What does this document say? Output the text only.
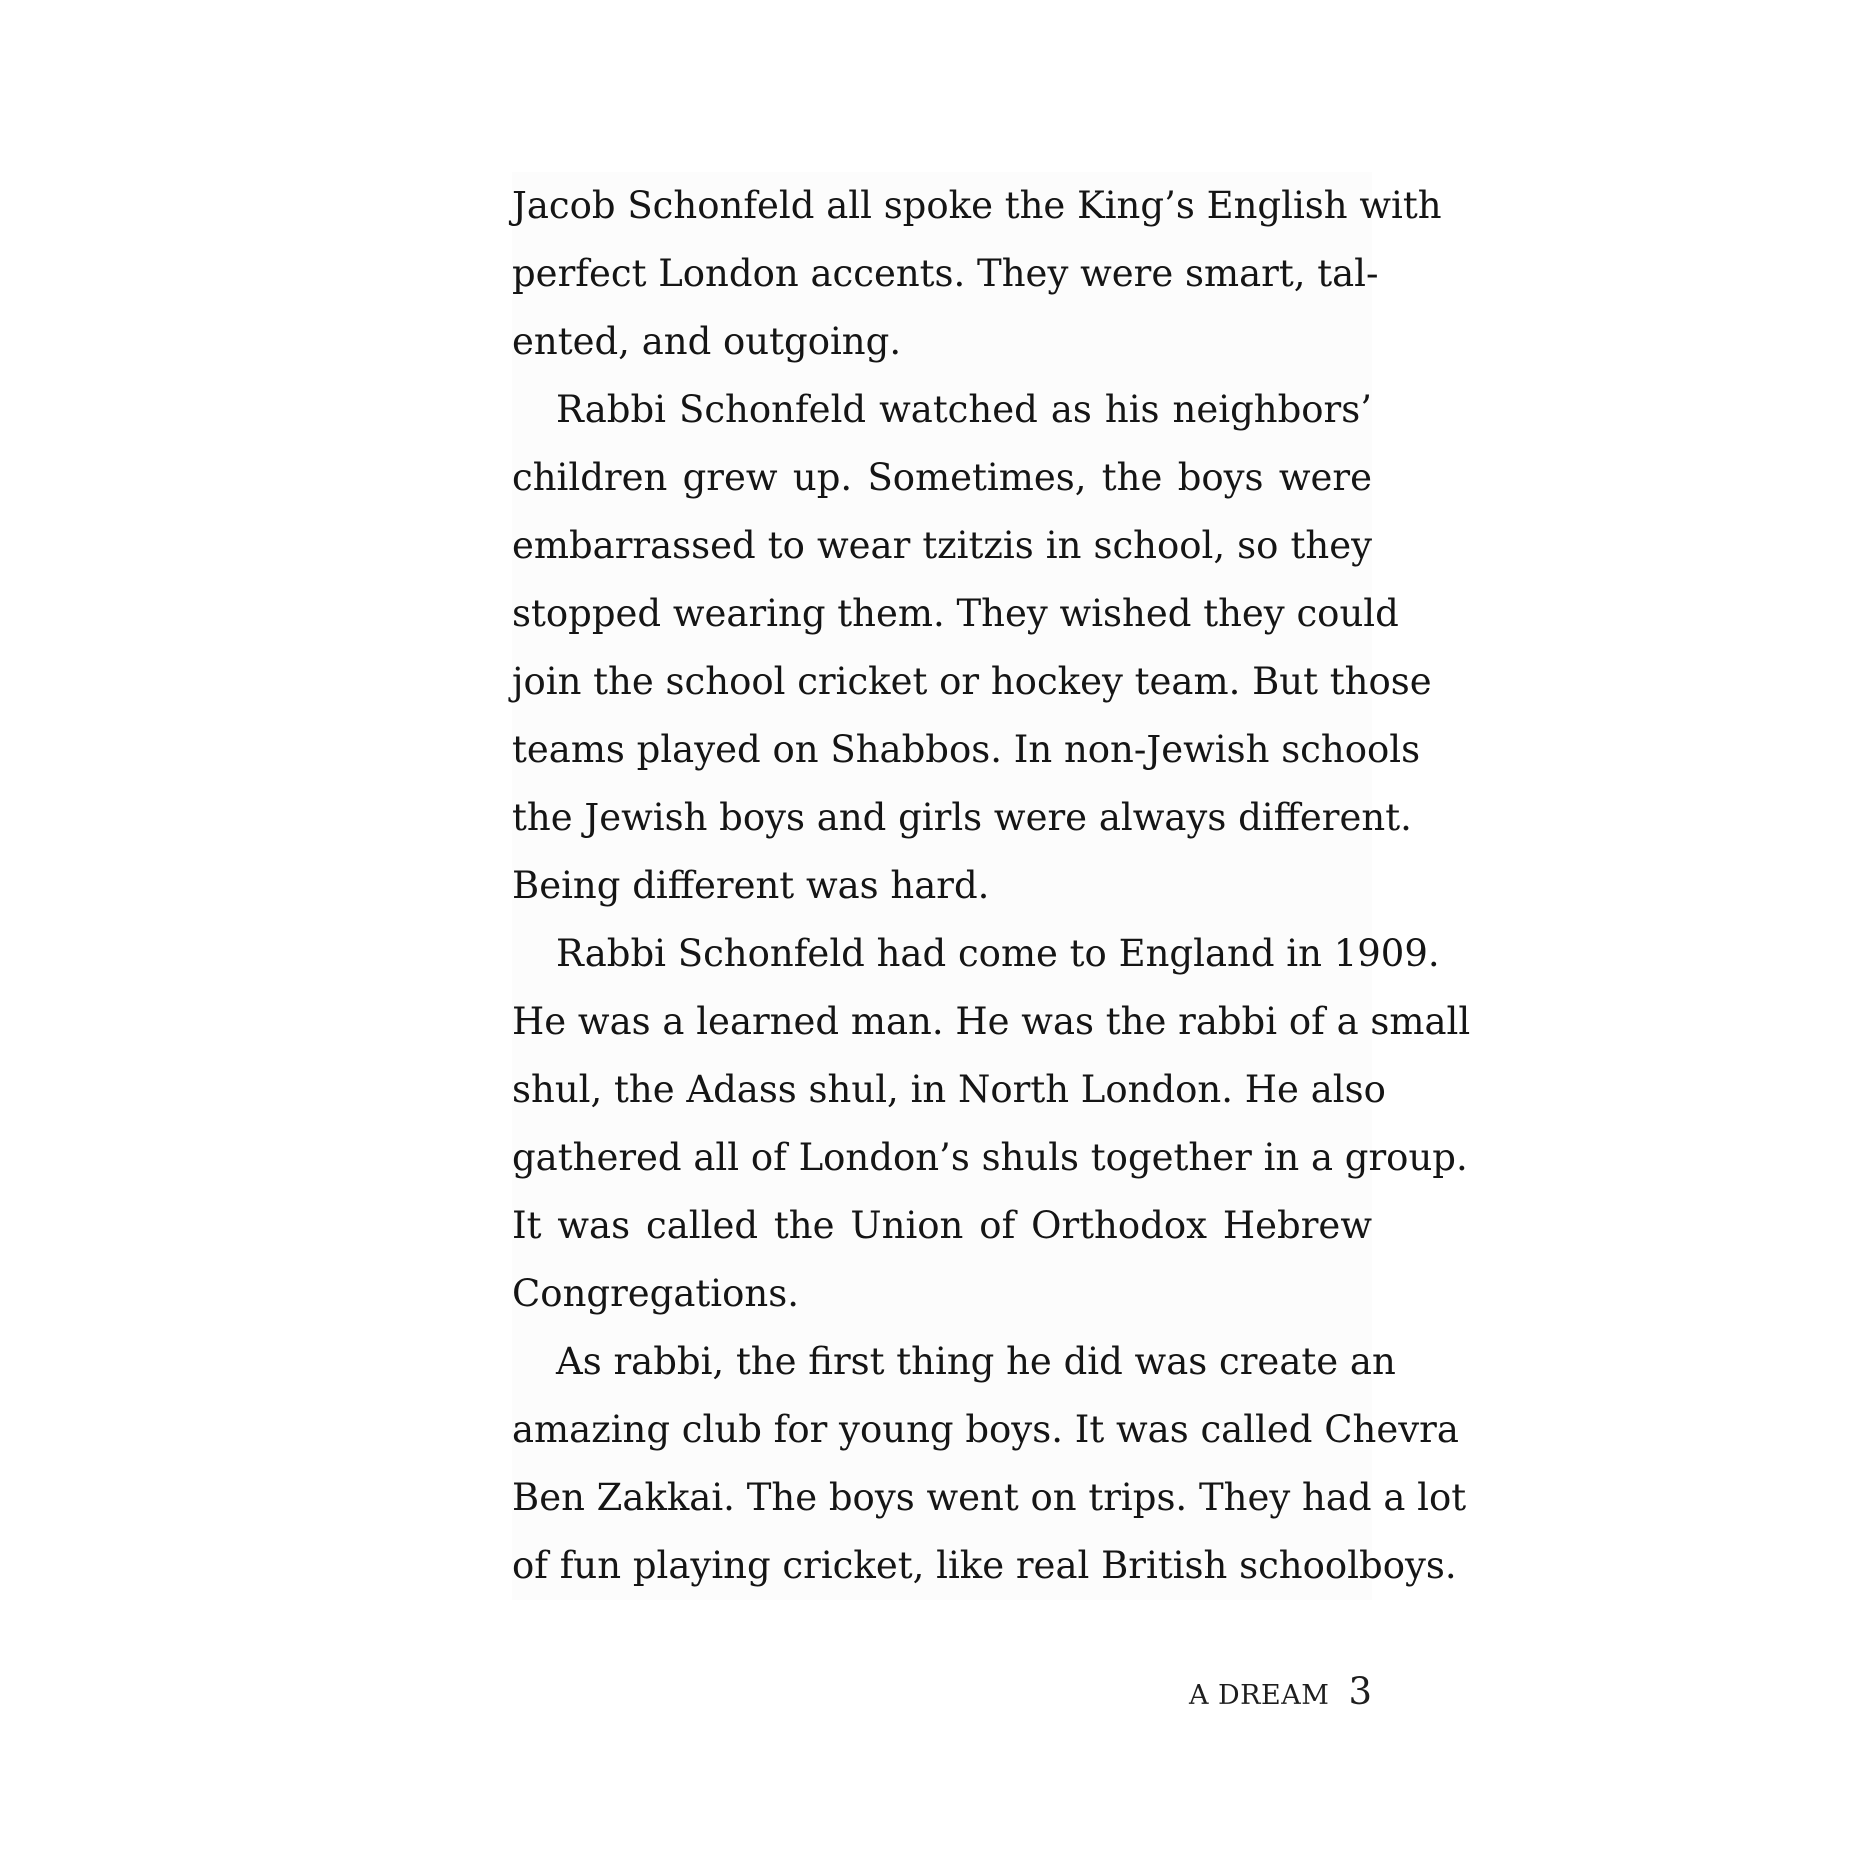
Jacob Schonfeld all spoke the King’s English with
perfect London accents. They were smart, tal-
ented, and outgoing.
Rabbi Schonfeld watched as his neighbors’
children grew up. Sometimes, the boys were
embarrassed to wear tzitzis in school, so they
stopped wearing them. They wished they could
join the school cricket or hockey team. But those
teams played on Shabbos. In non-Jewish schools
the Jewish boys and girls were always different.
Being different was hard.
Rabbi Schonfeld had come to England in 1909.
He was a learned man. He was the rabbi of a small
shul, the Adass shul, in North London. He also
gathered all of London’s shuls together in a group.
It was called the Union of Orthodox Hebrew
Congregations.
As rabbi, the first thing he did was create an
amazing club for young boys. It was called Chevra
Ben Zakkai. The boys went on trips. They had a lot
of fun playing cricket, like real British schoolboys.
A DREAM 3
